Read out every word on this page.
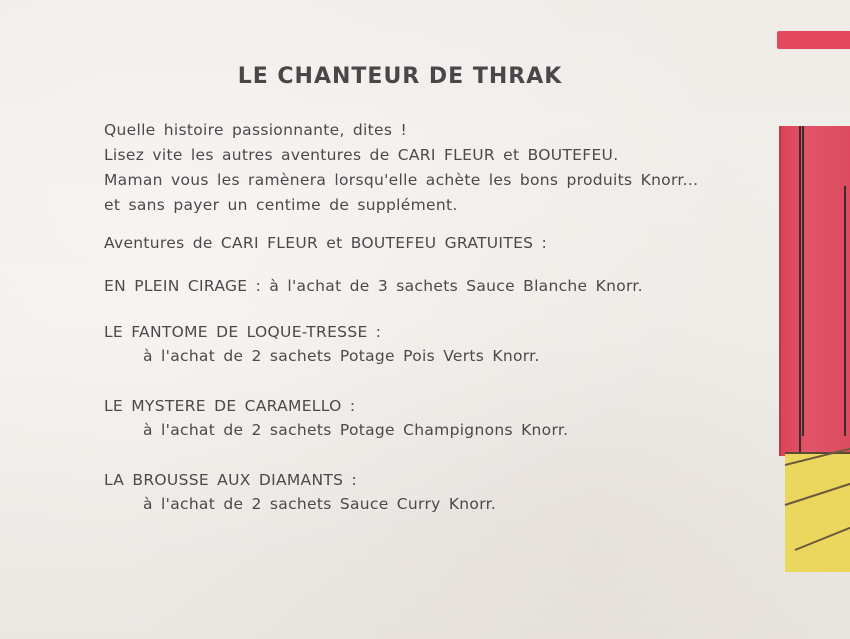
LE CHANTEUR DE THRAK
Quelle histoire passionnante, dites !
Lisez vite les autres aventures de CARI FLEUR et BOUTEFEU.
Maman vous les ramènera lorsqu'elle achète les bons produits Knorr...
et sans payer un centime de supplément.
Aventures de CARI FLEUR et BOUTEFEU GRATUITES :
EN PLEIN CIRAGE : à l'achat de 3 sachets Sauce Blanche Knorr.
LE FANTOME DE LOQUE-TRESSE :
à l'achat de 2 sachets Potage Pois Verts Knorr.
LE MYSTERE DE CARAMELLO :
à l'achat de 2 sachets Potage Champignons Knorr.
LA BROUSSE AUX DIAMANTS :
à l'achat de 2 sachets Sauce Curry Knorr.
